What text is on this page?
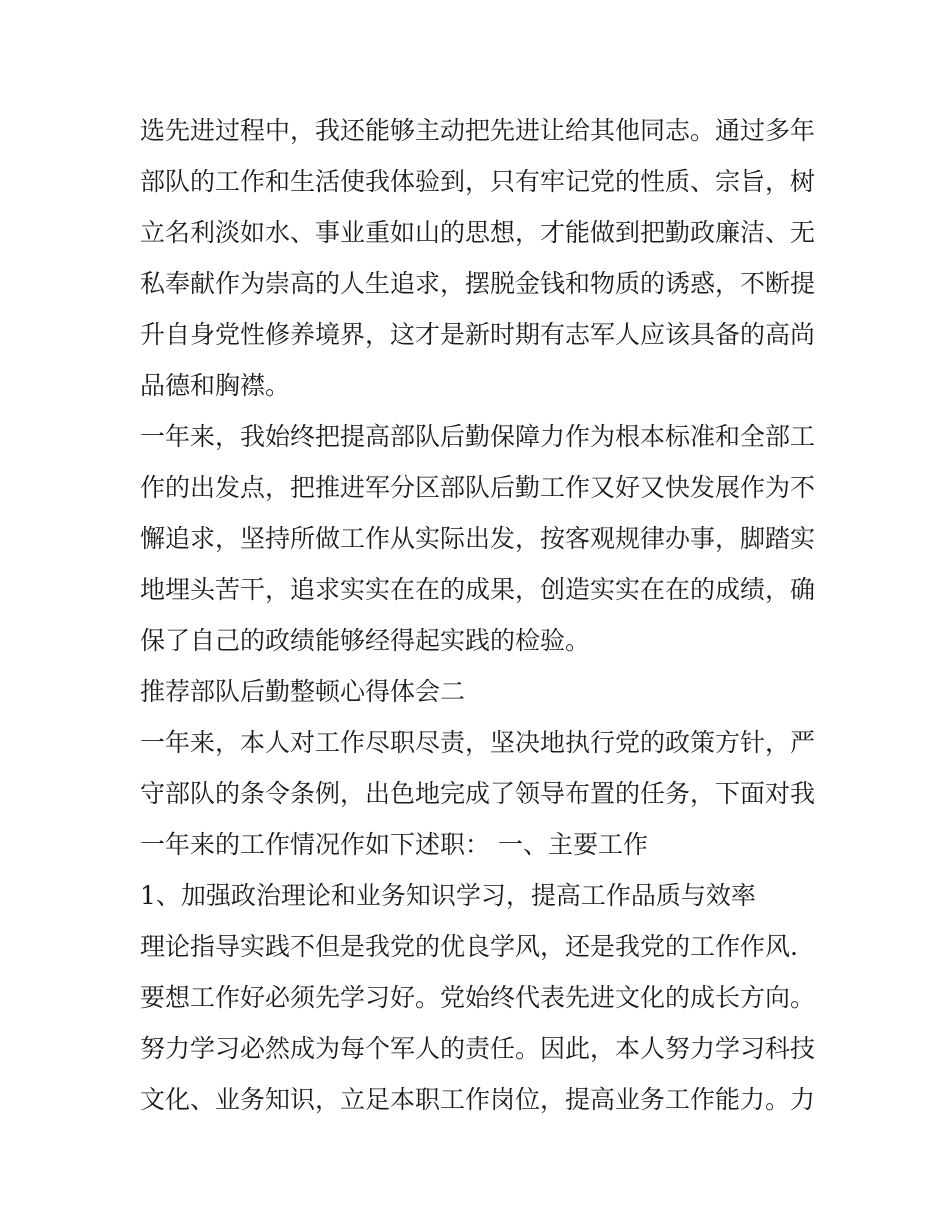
选先进过程中，我还能够主动把先进让给其他同志。通过多年
部队的工作和生活使我体验到，只有牢记党的性质、宗旨，树
立名利淡如水、事业重如山的思想，才能做到把勤政廉洁、无
私奉献作为崇高的人生追求，摆脱金钱和物质的诱惑，不断提
升自身党性修养境界，这才是新时期有志军人应该具备的高尚
品德和胸襟。
一年来，我始终把提高部队后勤保障力作为根本标准和全部工
作的出发点，把推进军分区部队后勤工作又好又快发展作为不
懈追求，坚持所做工作从实际出发，按客观规律办事，脚踏实
地埋头苦干，追求实实在在的成果，创造实实在在的成绩，确
保了自己的政绩能够经得起实践的检验。
推荐部队后勤整顿心得体会二
一年来，本人对工作尽职尽责，坚决地执行党的政策方针，严
守部队的条令条例，出色地完成了领导布置的任务，下面对我
一年来的工作情况作如下述职： 一、主要工作
1、加强政治理论和业务知识学习，提高工作品质与效率
理论指导实践不但是我党的优良学风，还是我党的工作作风.
要想工作好必须先学习好。党始终代表先进文化的成长方向。
努力学习必然成为每个军人的责任。因此，本人努力学习科技
文化、业务知识，立足本职工作岗位，提高业务工作能力。力
